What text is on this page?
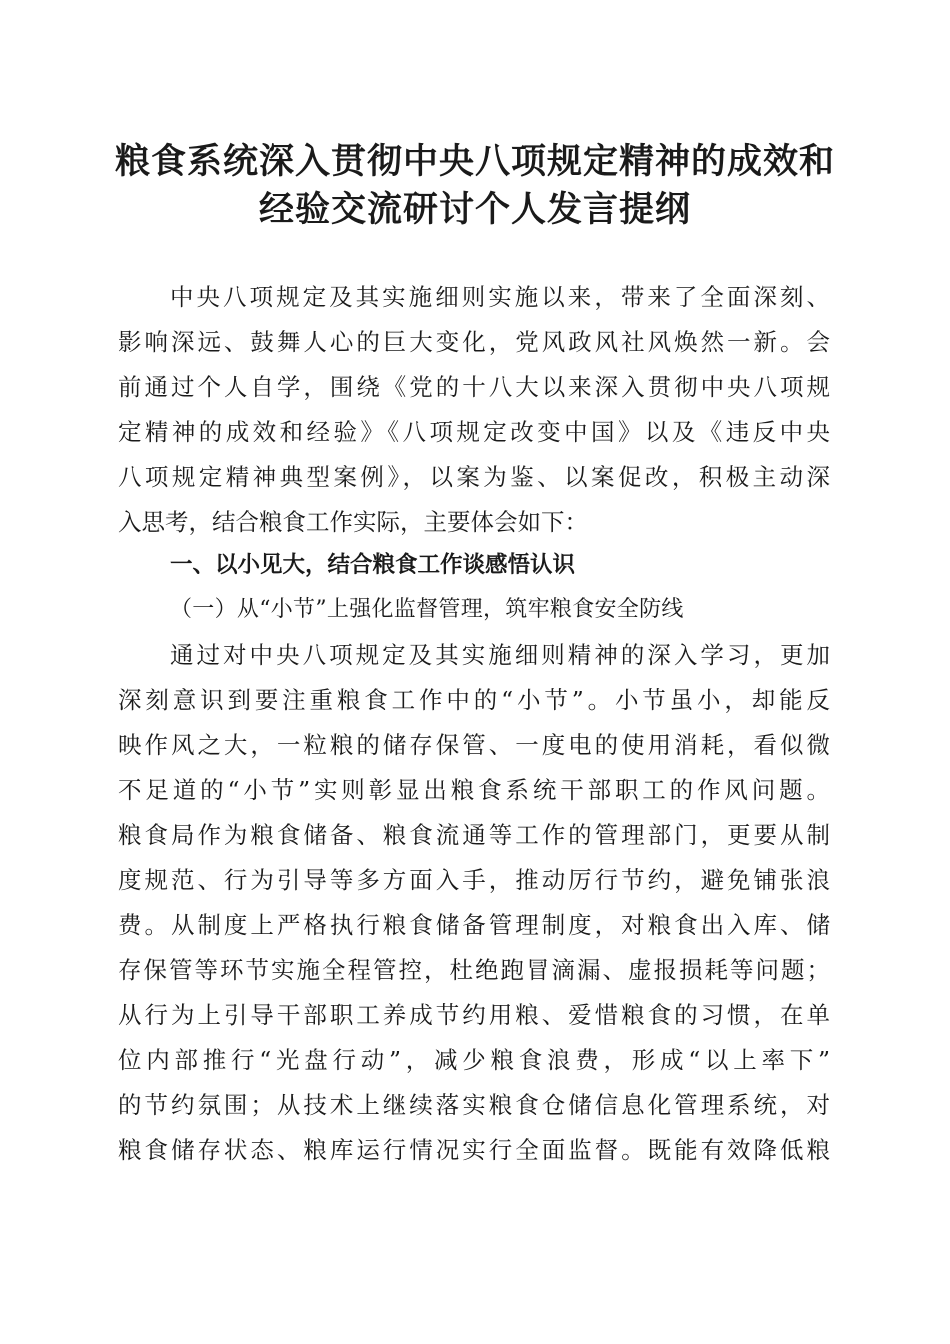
粮食系统深入贯彻中央八项规定精神的成效和
经验交流研讨个人发言提纲

中央八项规定及其实施细则实施以来，带来了全面深刻、

影响深远、鼓舞人心的巨大变化，党风政风社风焕然一新。会

前通过个人自学，围绕《党的十八大以来深入贯彻中央八项规

定精神的成效和经验》《八项规定改变中国》以及《违反中央

八项规定精神典型案例》，以案为鉴、以案促改，积极主动深

入思考，结合粮食工作实际，主要体会如下：

一、以小见大，结合粮食工作谈感悟认识

（一）从“小节”上强化监督管理，筑牢粮食安全防线

通过对中央八项规定及其实施细则精神的深入学习，更加

深刻意识到要注重粮食工作中的“小节”。小节虽小，却能反

映作风之大，一粒粮的储存保管、一度电的使用消耗，看似微

不足道的“小节”实则彰显出粮食系统干部职工的作风问题。

粮食局作为粮食储备、粮食流通等工作的管理部门，更要从制

度规范、行为引导等多方面入手，推动厉行节约，避免铺张浪

费。从制度上严格执行粮食储备管理制度，对粮食出入库、储

存保管等环节实施全程管控，杜绝跑冒滴漏、虚报损耗等问题；

从行为上引导干部职工养成节约用粮、爱惜粮食的习惯，在单

位内部推行“光盘行动”，减少粮食浪费，形成“以上率下”

的节约氛围；从技术上继续落实粮食仓储信息化管理系统，对

粮食储存状态、粮库运行情况实行全面监督。既能有效降低粮
